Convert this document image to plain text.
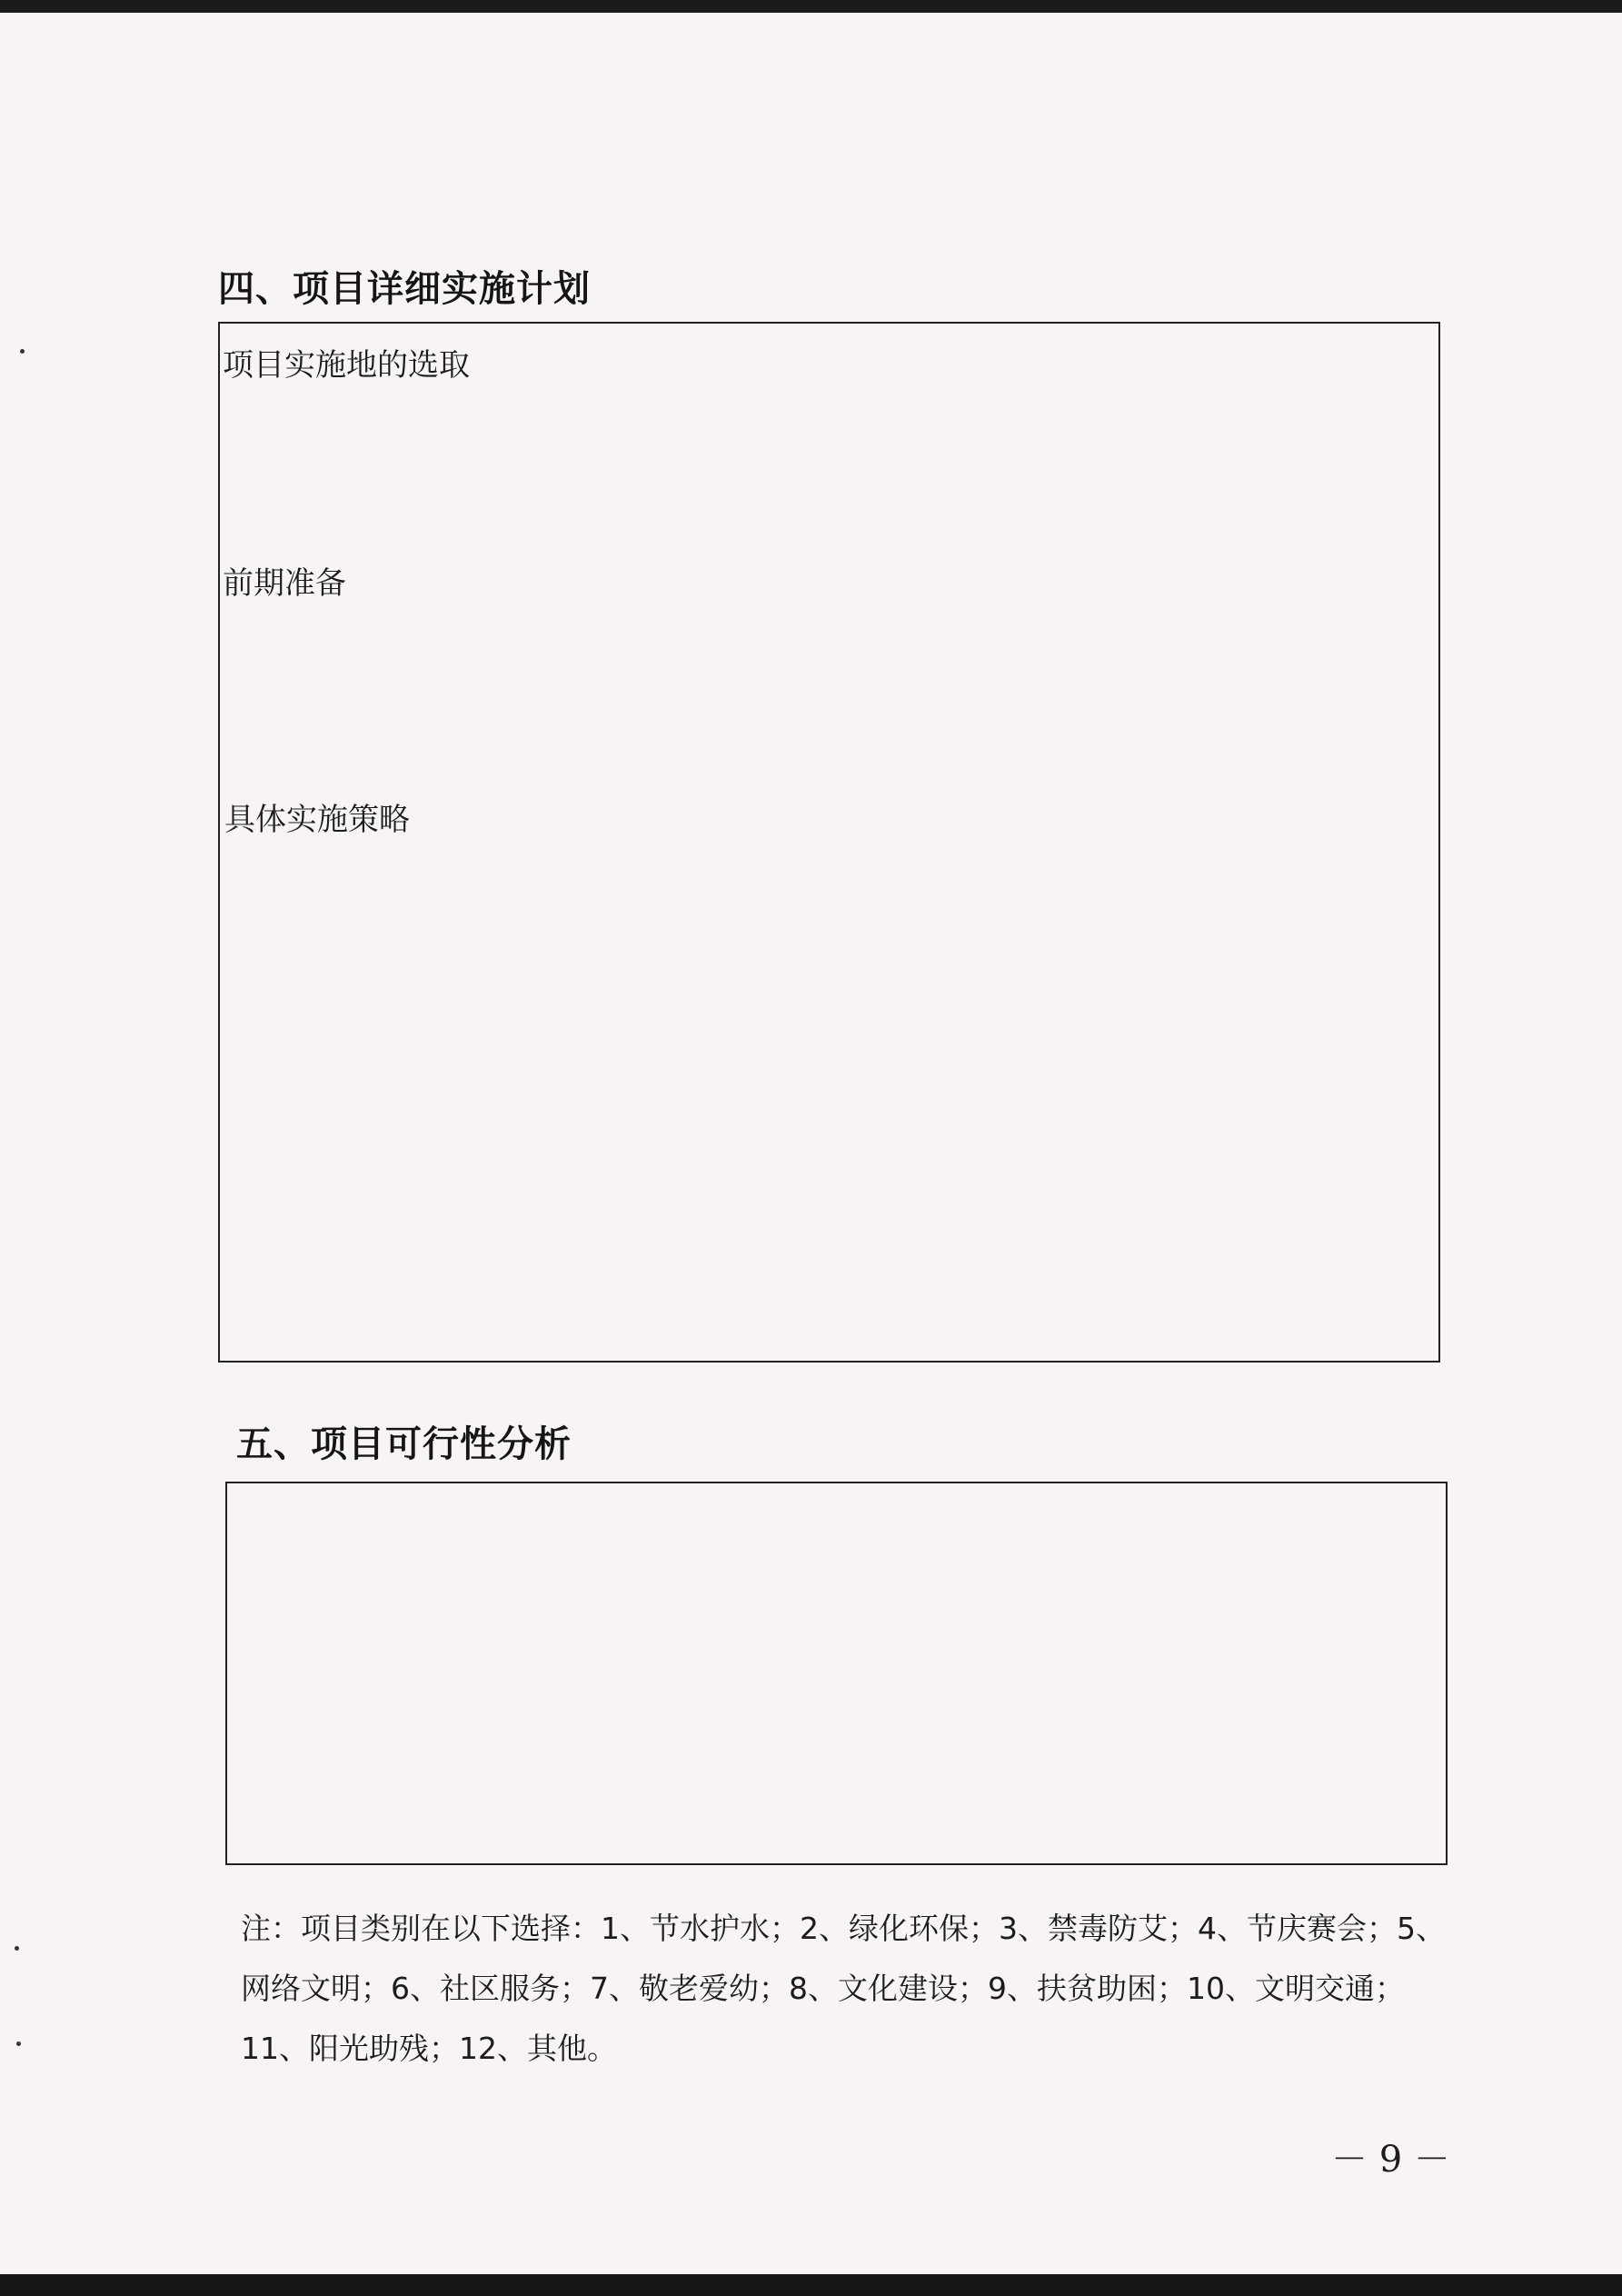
四、项目详细实施计划
项目实施地的选取
前期准备
具体实施策略
五、项目可行性分析
注：项目类别在以下选择：1、节水护水；2、绿化环保；3、禁毒防艾；4、节庆赛会；5、网络文明；6、社区服务；7、敬老爱幼；8、文化建设；9、扶贫助困；10、文明交通；11、阳光助残；12、其他。
－ 9 －
